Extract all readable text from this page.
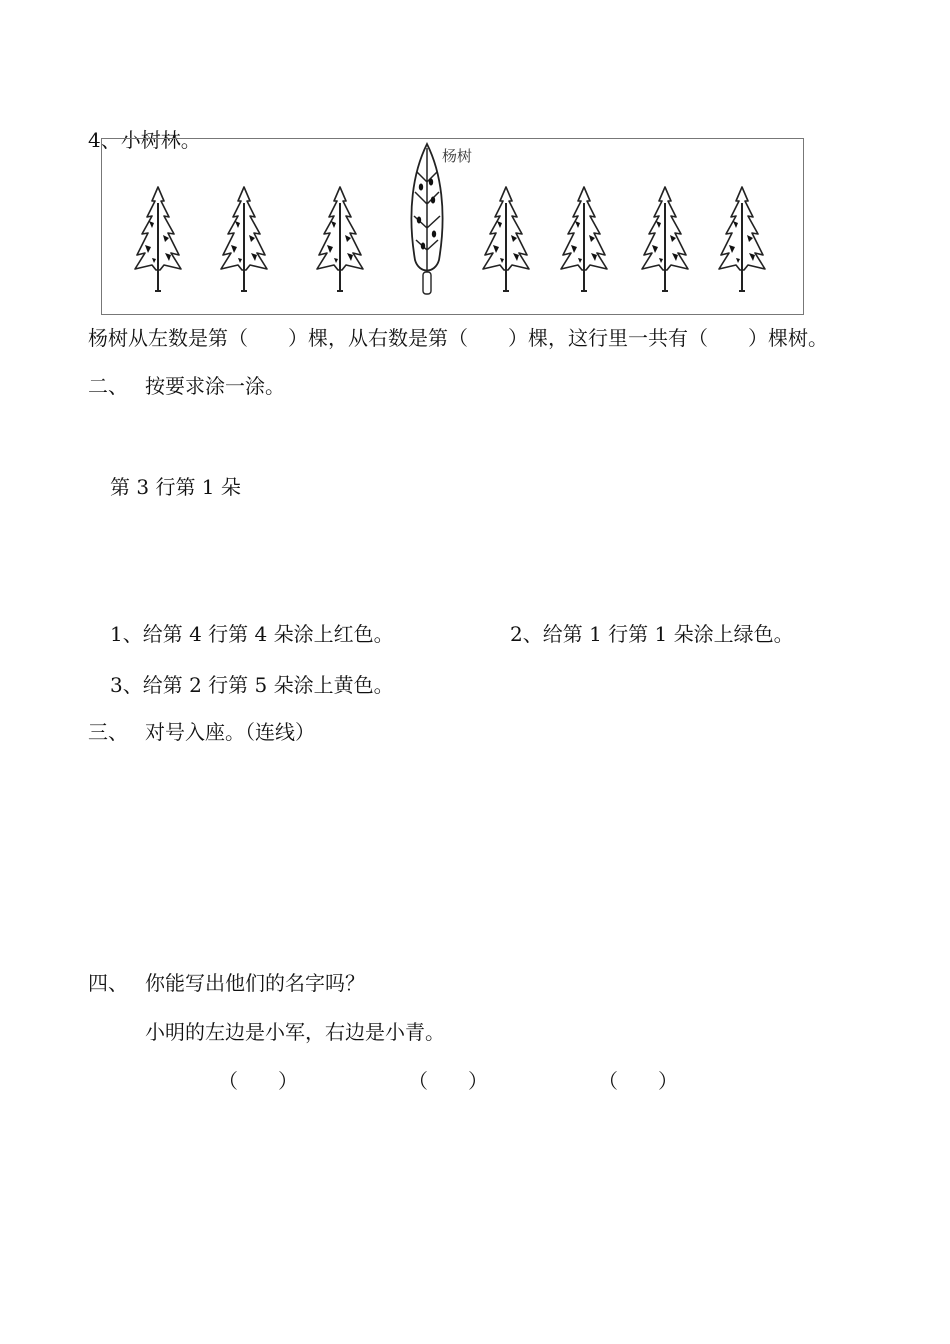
4、小树林。
杨树
杨树从左数是第（　　）棵，从右数是第（　　）棵，这行里一共有（　　）棵树。
二、 按要求涂一涂。
第 3 行第 1 朵
1、给第 4 行第 4 朵涂上红色。	2、给第 1 行第 1 朵涂上绿色。
3、给第 2 行第 5 朵涂上黄色。
三、 对号入座。（连线）
四、 你能写出他们的名字吗？
小明的左边是小军，右边是小青。
（　　）	（　　）	（　　）
